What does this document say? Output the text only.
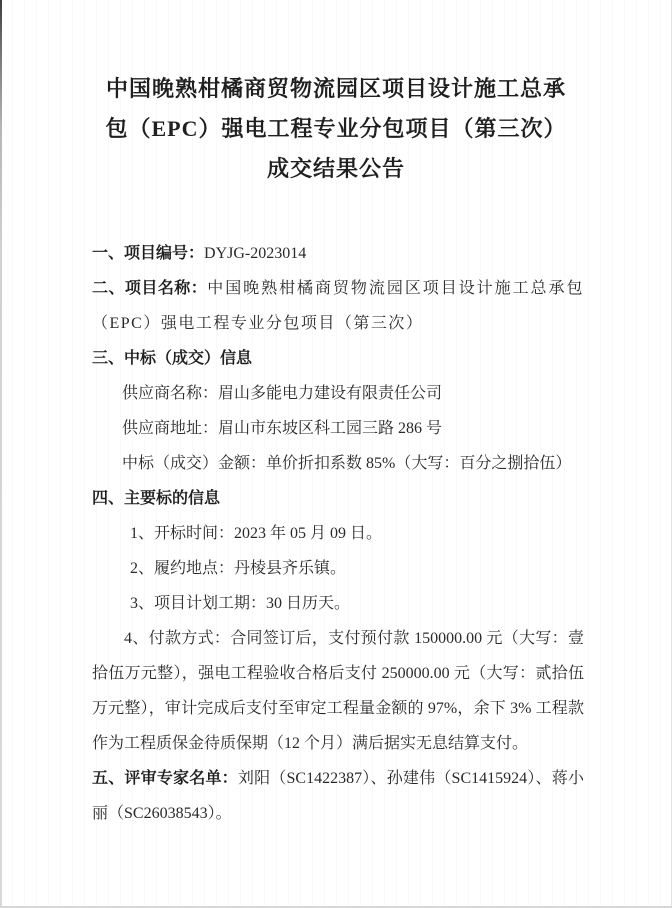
中国晚熟柑橘商贸物流园区项目设计施工总承
包（EPC）强电工程专业分包项目（第三次）
成交结果公告

一、项目编号：DYJG-2023014

二、项目名称：中国晚熟柑橘商贸物流园区项目设计施工总承包（EPC）强电工程专业分包项目（第三次）

三、中标（成交）信息

供应商名称：眉山多能电力建设有限责任公司

供应商地址：眉山市东坡区科工园三路 286 号

中标（成交）金额：单价折扣系数 85%（大写：百分之捌拾伍）

四、主要标的信息

1、开标时间：2023 年 05 月 09 日。

2、履约地点：丹棱县齐乐镇。

3、项目计划工期：30 日历天。

4、付款方式：合同签订后，支付预付款 150000.00 元（大写：壹拾伍万元整），强电工程验收合格后支付 250000.00 元（大写：贰拾伍万元整），审计完成后支付至审定工程量金额的 97%，余下 3% 工程款作为工程质保金待质保期（12 个月）满后据实无息结算支付。

五、评审专家名单：刘阳（SC1422387）、孙建伟（SC1415924）、蒋小丽（SC26038543）。
